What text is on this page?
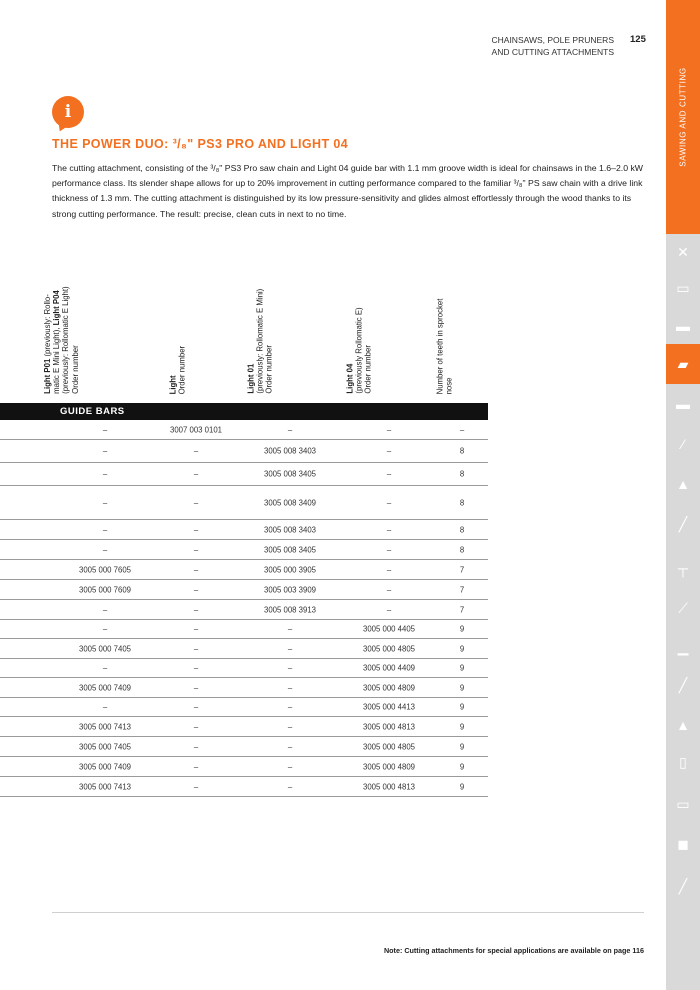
SAWING AND CUTTING
✕
▭
▬
▰
▬
⁄
▲
╱
┬
⟋
▁
╱
▲
▯
▭
◼
╱
CHAINSAWS, POLE PRUNERS
AND CUTTING ATTACHMENTS
125
i
THE POWER DUO: ³/₈" PS3 PRO AND LIGHT 04
The cutting attachment, consisting of the ³/₈" PS3 Pro saw chain and Light 04 guide bar with 1.1 mm groove width is ideal for chainsaws in the 1.6–2.0 kW performance class. Its slender shape allows for up to 20% improvement in cutting performance compared to the familiar ³/₈" PS saw chain with a drive link thickness of 1.3 mm. The cutting attachment is distinguished by its low pressure-sensitivity and glides almost effortlessly through the wood thanks to its strong cutting performance. The result: precise, clean cuts in next to no time.
Light P01 (previously: Rollo- matic E Mini Light), Light P04 (previously: Rollomatic E Light) Order number	Light Order number	Light 01 (previously: Rollomatic E Mini) Order number	Light 04 (previously Rollomatic E) Order number	Number of teeth in sprocket nose
GUIDE BARS
–	3007 003 0101	–	–	–
–	–	3005 008 3403	–	8
–	–	3005 008 3405	–	8
–	–	3005 008 3409	–	8
–	–	3005 008 3403	–	8
–	–	3005 008 3405	–	8
3005 000 7605	–	3005 000 3905	–	7
3005 000 7609	–	3005 003 3909	–	7
–	–	3005 008 3913	–	7
–	–	–	3005 000 4405	9
3005 000 7405	–	–	3005 000 4805	9
–	–	–	3005 000 4409	9
3005 000 7409	–	–	3005 000 4809	9
–	–	–	3005 000 4413	9
3005 000 7413	–	–	3005 000 4813	9
3005 000 7405	–	–	3005 000 4805	9
3005 000 7409	–	–	3005 000 4809	9
3005 000 7413	–	–	3005 000 4813	9
Note: Cutting attachments for special applications are available on page 116
